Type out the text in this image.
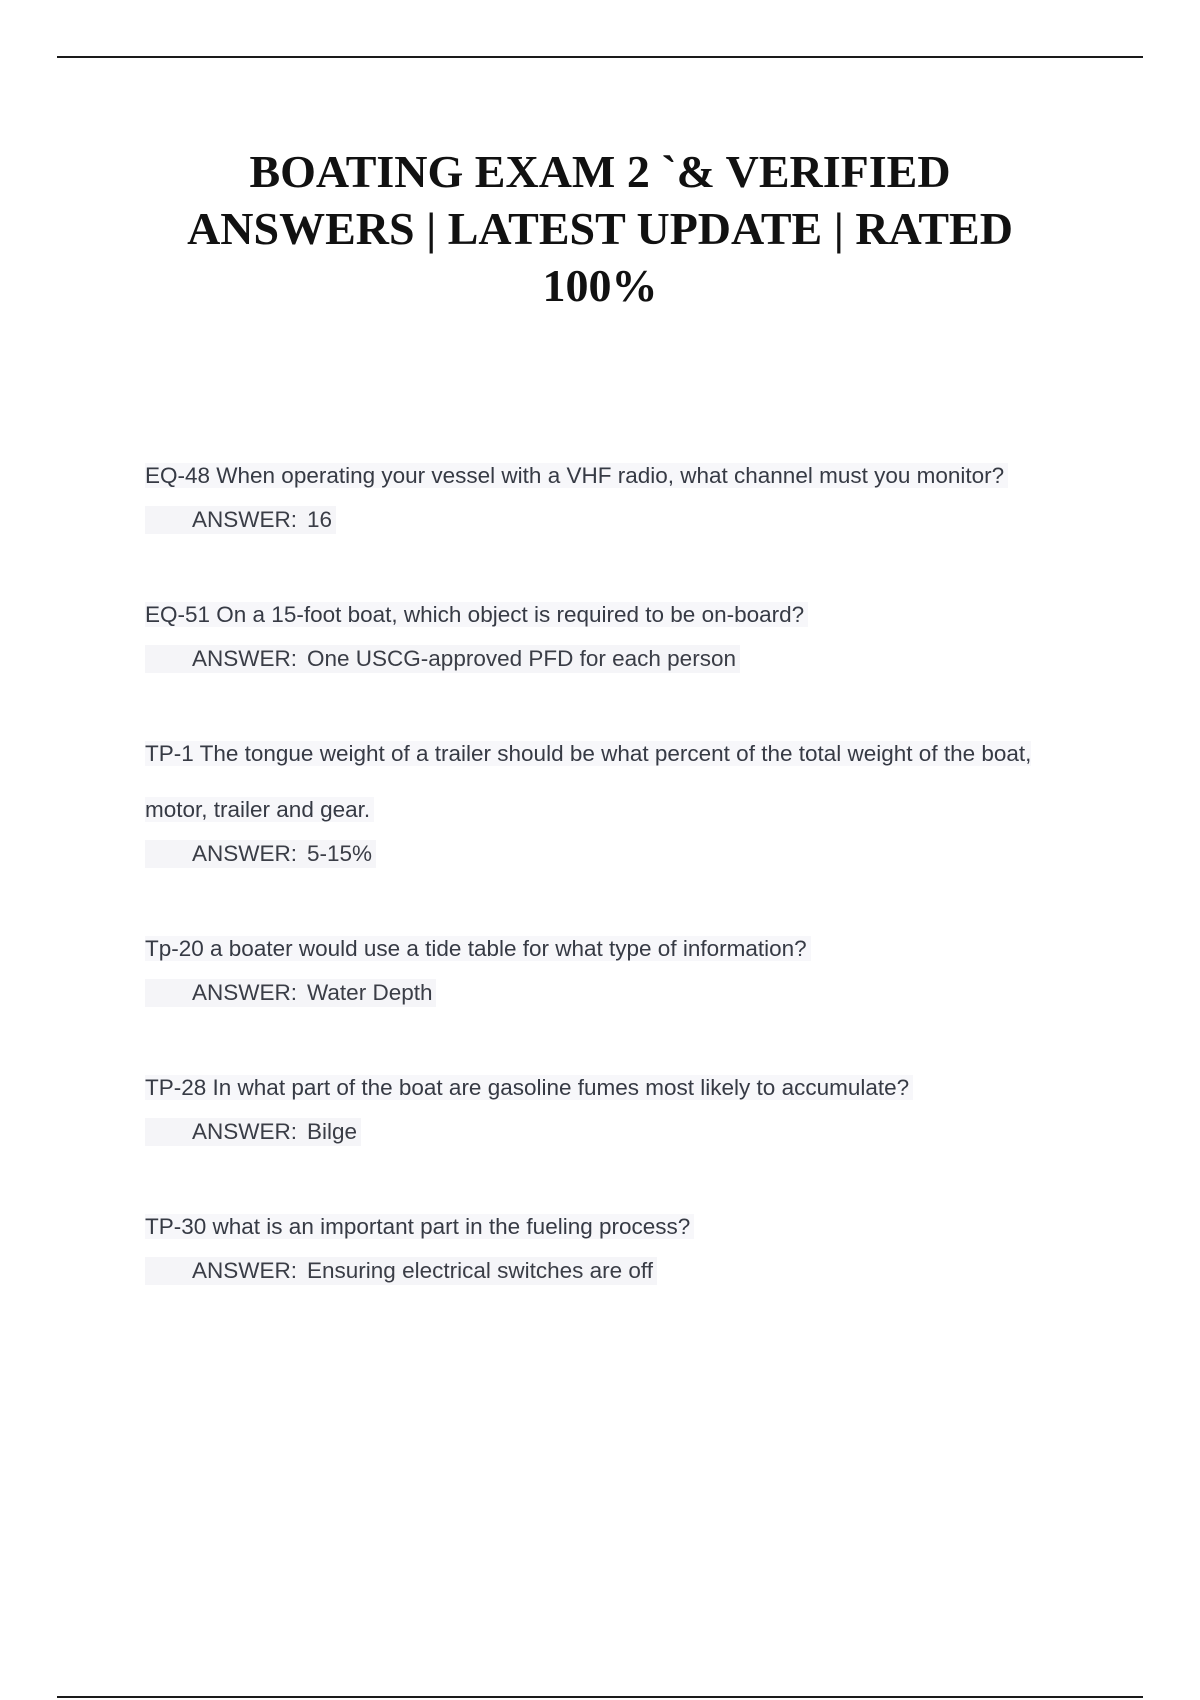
BOATING EXAM 2 `& VERIFIED
ANSWERS | LATEST UPDATE | RATED
100%
EQ-48 When operating your vessel with a VHF radio, what channel must you monitor?
ANSWER: 16
EQ-51 On a 15-foot boat, which object is required to be on-board?
ANSWER: One USCG-approved PFD for each person
TP-1 The tongue weight of a trailer should be what percent of the total weight of the boat, motor, trailer and gear.
ANSWER: 5-15%
Tp-20 a boater would use a tide table for what type of information?
ANSWER: Water Depth
TP-28 In what part of the boat are gasoline fumes most likely to accumulate?
ANSWER: Bilge
TP-30 what is an important part in the fueling process?
ANSWER: Ensuring electrical switches are off
